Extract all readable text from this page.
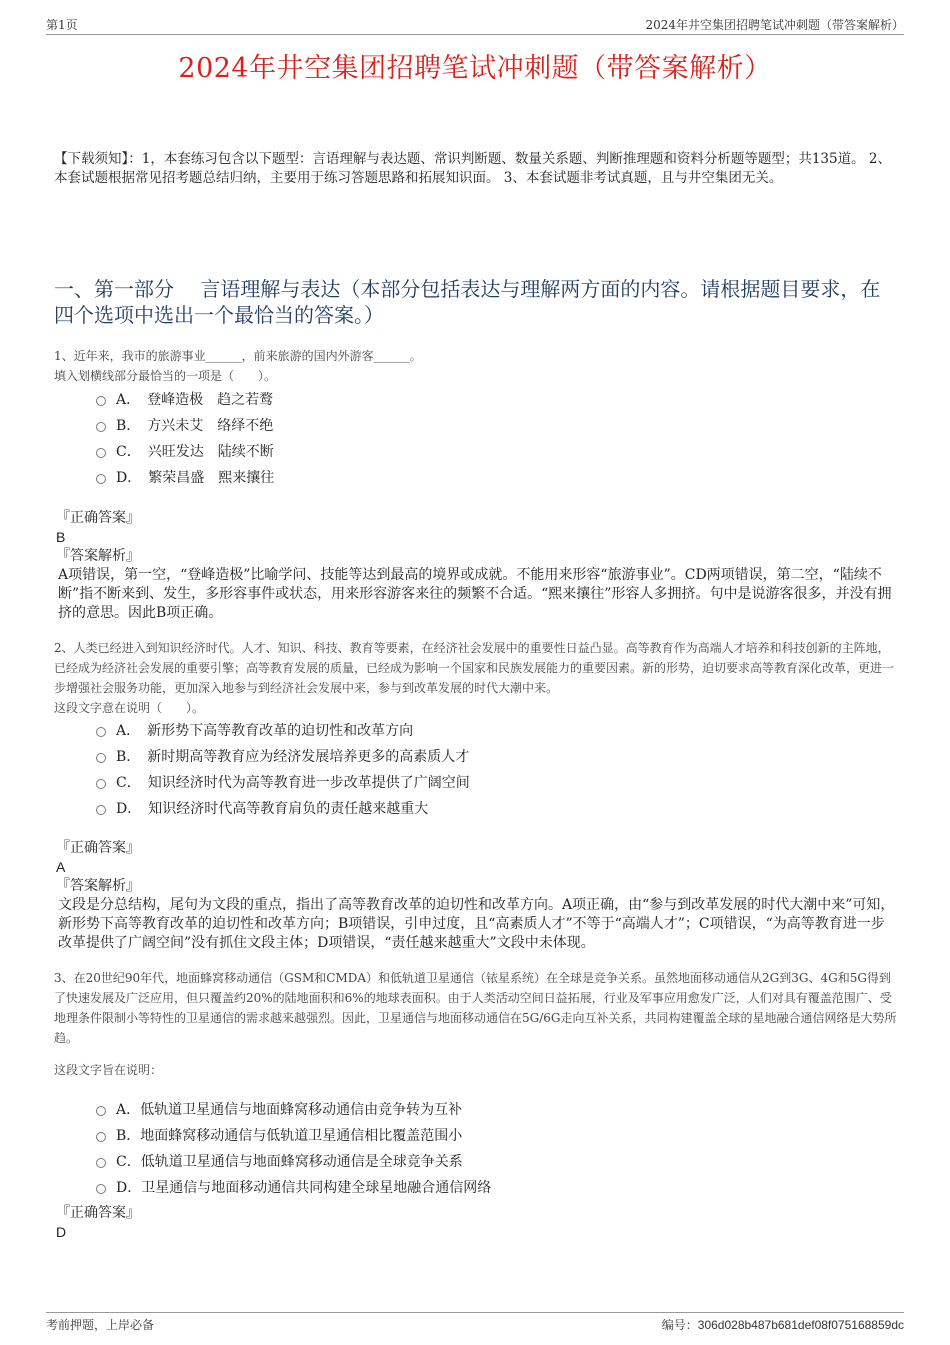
第1页	2024年井空集团招聘笔试冲刺题（带答案解析）
2024年井空集团招聘笔试冲刺题（带答案解析）
【下载须知】：1，本套练习包含以下题型：言语理解与表达题、常识判断题、数量关系题、判断推理题和资料分析题等题型；共135道。 2、本套试题根据常见招考题总结归纳，主要用于练习答题思路和拓展知识面。 3、本套试题非考试真题，且与井空集团无关。
一、第一部分　 言语理解与表达（本部分包括表达与理解两方面的内容。请根据题目要求，在四个选项中选出一个最恰当的答案。）
1、近年来，我市的旅游事业______，前来旅游的国内外游客______。
填入划横线部分最恰当的一项是（　　）。
A．　登峰造极　趋之若鹜
B．　方兴未艾　络绎不绝
C．　兴旺发达　陆续不断
D．　繁荣昌盛　熙来攘往
『正确答案』
B
『答案解析』
A项错误，第一空，“登峰造极”比喻学问、技能等达到最高的境界或成就。不能用来形容“旅游事业”。CD两项错误，第二空，“陆续不断”指不断来到、发生，多形容事件或状态，用来形容游客来往的频繁不合适。“熙来攘往”形容人多拥挤。句中是说游客很多，并没有拥挤的意思。因此B项正确。
2、人类已经进入到知识经济时代。人才、知识、科技、教育等要素，在经济社会发展中的重要性日益凸显。高等教育作为高端人才培养和科技创新的主阵地，已经成为经济社会发展的重要引擎；高等教育发展的质量，已经成为影响一个国家和民族发展能力的重要因素。新的形势，迫切要求高等教育深化改革，更进一步增强社会服务功能，更加深入地参与到经济社会发展中来，参与到改革发展的时代大潮中来。
这段文字意在说明（　　）。
A．　新形势下高等教育改革的迫切性和改革方向
B．　新时期高等教育应为经济发展培养更多的高素质人才
C．　知识经济时代为高等教育进一步改革提供了广阔空间
D．　知识经济时代高等教育肩负的责任越来越重大
『正确答案』
A
『答案解析』
文段是分总结构，尾句为文段的重点，指出了高等教育改革的迫切性和改革方向。A项正确，由“参与到改革发展的时代大潮中来”可知，新形势下高等教育改革的迫切性和改革方向；B项错误，引申过度，且“高素质人才”不等于“高端人才”；C项错误，“为高等教育进一步改革提供了广阔空间”没有抓住文段主体；D项错误，“责任越来越重大”文段中未体现。
3、在20世纪90年代，地面蜂窝移动通信（GSM和CMDA）和低轨道卫星通信（铱星系统）在全球是竞争关系。虽然地面移动通信从2G到3G、4G和5G得到了快速发展及广泛应用，但只覆盖约20%的陆地面积和6%的地球表面积。由于人类活动空间日益拓展，行业及军事应用愈发广泛，人们对具有覆盖范围广、受地理条件限制小等特性的卫星通信的需求越来越强烈。因此，卫星通信与地面移动通信在5G/6G走向互补关系，共同构建覆盖全球的星地融合通信网络是大势所趋。
这段文字旨在说明：
A．低轨道卫星通信与地面蜂窝移动通信由竞争转为互补
B．地面蜂窝移动通信与低轨道卫星通信相比覆盖范围小
C．低轨道卫星通信与地面蜂窝移动通信是全球竞争关系
D．卫星通信与地面移动通信共同构建全球星地融合通信网络
『正确答案』
D
考前押题，上岸必备	编号：306d028b487b681def08f075168859dc
